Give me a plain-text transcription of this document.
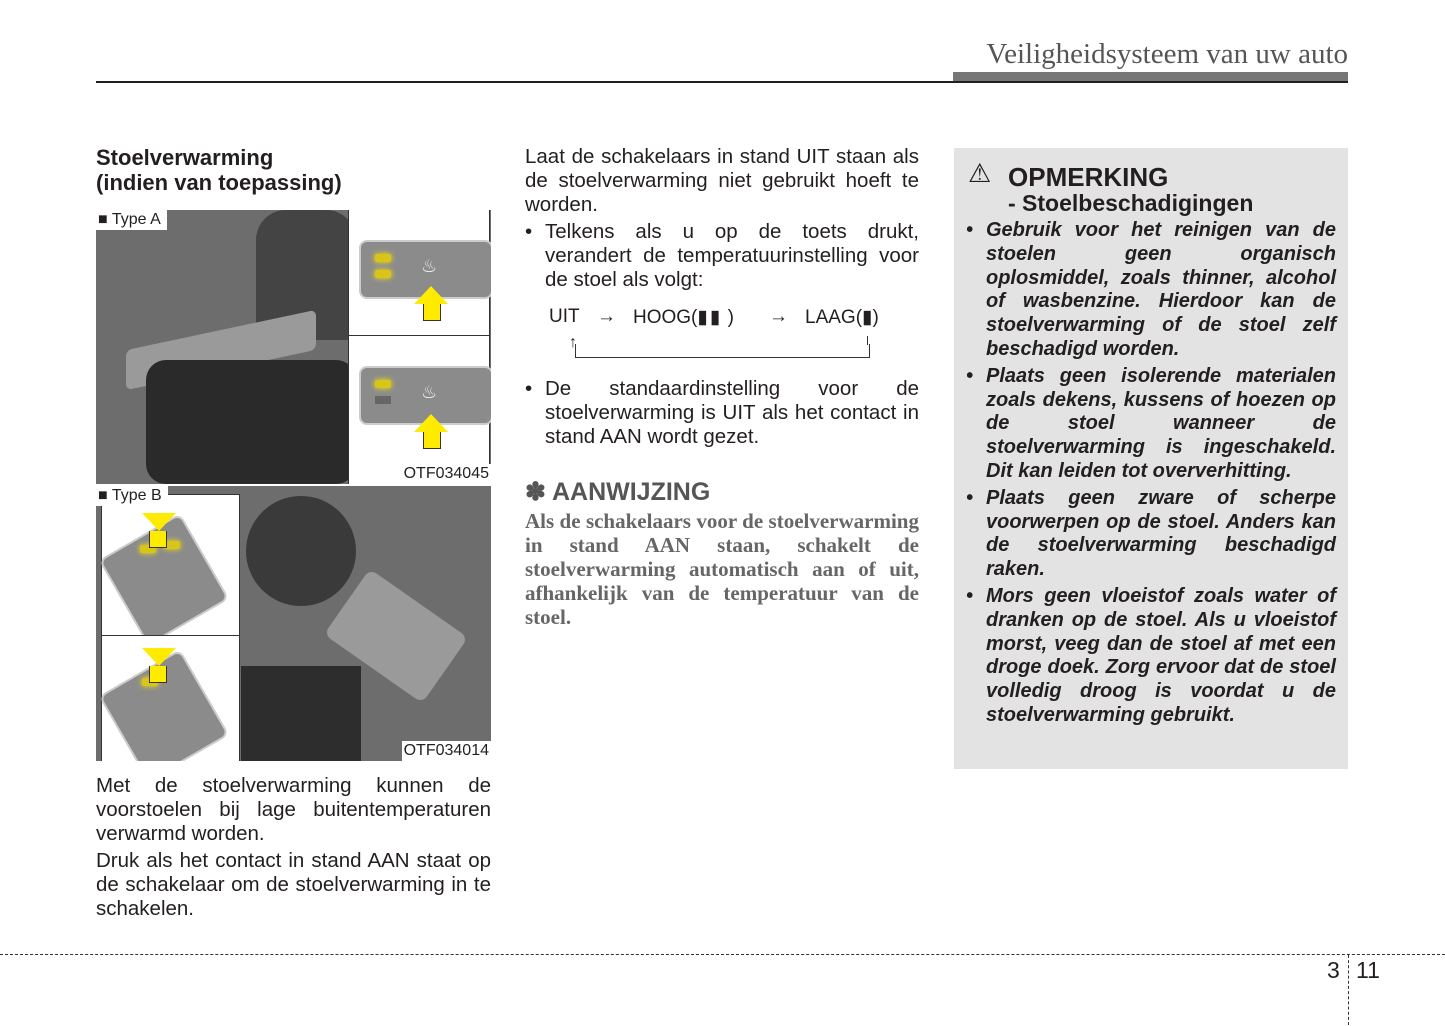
Veiligheidsysteem van uw auto
Stoelverwarming
(indien van toepassing)
♨
♨
■ Type A
OTF034045
■ Type B
OTF034014
Met de stoelverwarming kunnen de voorstoelen bij lage buitentemperaturen verwarmd worden.
Druk als het contact in stand AAN staat op de schakelaar om de stoelverwarming in te schakelen.
Laat de schakelaars in stand UIT staan als de stoelverwarming niet gebruikt hoeft te worden.
• Telkens als u op de toets drukt, verandert de temperatuurinstelling voor de stoel als volgt:
UIT → HOOG(▮▮ ) → LAAG(▮)
↑
• De standaardinstelling voor de stoelverwarming is UIT als het contact in stand AAN wordt gezet.
✽ AANWIJZING
Als de schakelaars voor de stoelverwarming in stand AAN staan, schakelt de stoelverwarming automatisch aan of uit, afhankelijk van de temperatuur van de stoel.
⚠ OPMERKING
- Stoelbeschadigingen
• Gebruik voor het reinigen van de stoelen geen organisch oplosmiddel, zoals thinner, alcohol of wasbenzine. Hierdoor kan de stoelverwarming of de stoel zelf beschadigd worden.
• Plaats geen isolerende materialen zoals dekens, kussens of hoezen op de stoel wanneer de stoelverwarming is ingeschakeld. Dit kan leiden tot oververhitting.
• Plaats geen zware of scherpe voorwerpen op de stoel. Anders kan de stoelverwarming beschadigd raken.
• Mors geen vloeistof zoals water of dranken op de stoel. Als u vloeistof morst, veeg dan de stoel af met een droge doek. Zorg ervoor dat de stoel volledig droog is voordat u de stoelverwarming gebruikt.
3 11
